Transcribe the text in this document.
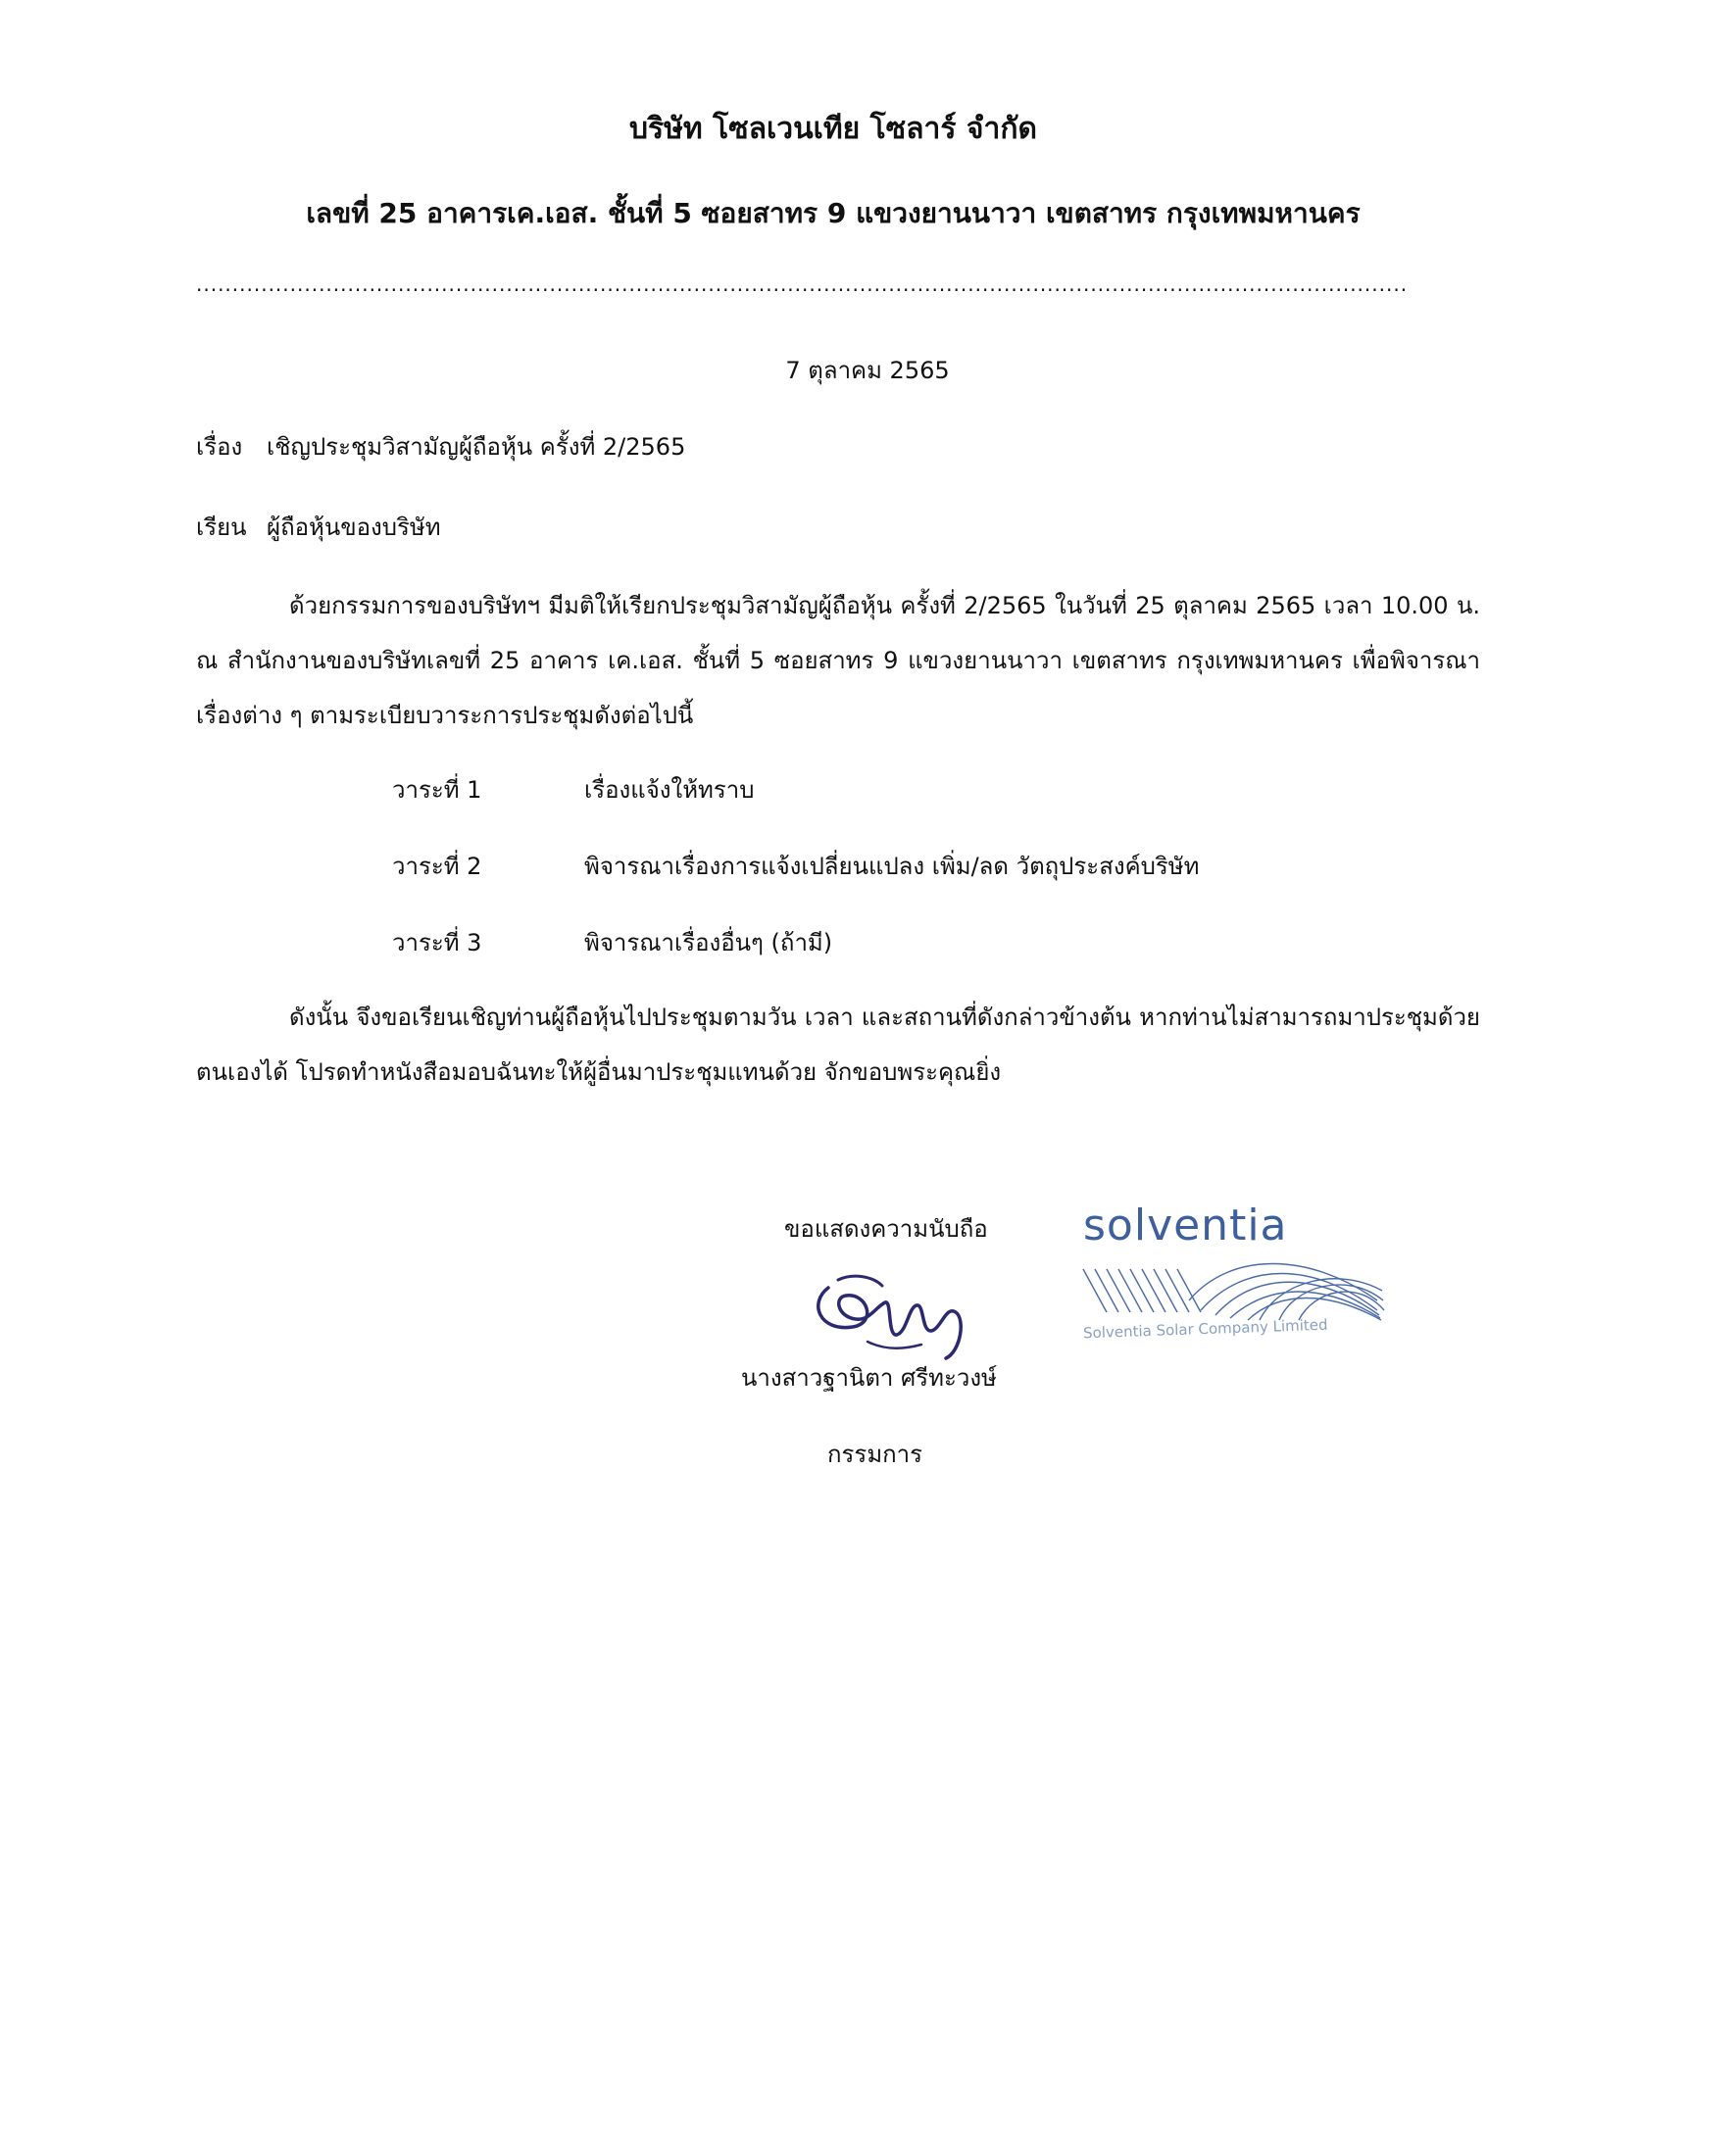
บริษัท โซลเวนเทีย โซลาร์ จำกัด
เลขที่ 25 อาคารเค.เอส. ชั้นที่ 5 ซอยสาทร 9 แขวงยานนาวา เขตสาทร กรุงเทพมหานคร
........................................................................................................................................................................
7 ตุลาคม 2565
เรื่อง เชิญประชุมวิสามัญผู้ถือหุ้น ครั้งที่ 2/2565
เรียน ผู้ถือหุ้นของบริษัท
ด้วยกรรมการของบริษัทฯ มีมติให้เรียกประชุมวิสามัญผู้ถือหุ้น ครั้งที่ 2/2565 ในวันที่ 25 ตุลาคม 2565 เวลา 10.00 น. ณ สำนักงานของบริษัทเลขที่ 25 อาคาร เค.เอส. ชั้นที่ 5 ซอยสาทร 9 แขวงยานนาวา เขตสาทร กรุงเทพมหานคร เพื่อพิจารณาเรื่องต่าง ๆ ตามระเบียบวาระการประชุมดังต่อไปนี้
วาระที่ 1	เรื่องแจ้งให้ทราบ
วาระที่ 2	พิจารณาเรื่องการแจ้งเปลี่ยนแปลง เพิ่ม/ลด วัตถุประสงค์บริษัท
วาระที่ 3	พิจารณาเรื่องอื่นๆ (ถ้ามี)
ดังนั้น จึงขอเรียนเชิญท่านผู้ถือหุ้นไปประชุมตามวัน เวลา และสถานที่ดังกล่าวข้างต้น หากท่านไม่สามารถมาประชุมด้วยตนเองได้ โปรดทำหนังสือมอบฉันทะให้ผู้อื่นมาประชุมแทนด้วย จักขอบพระคุณยิ่ง
ขอแสดงความนับถือ
นางสาวฐานิตา ศรีทะวงษ์
กรรมการ
solventia
Solventia Solar Company Limited
